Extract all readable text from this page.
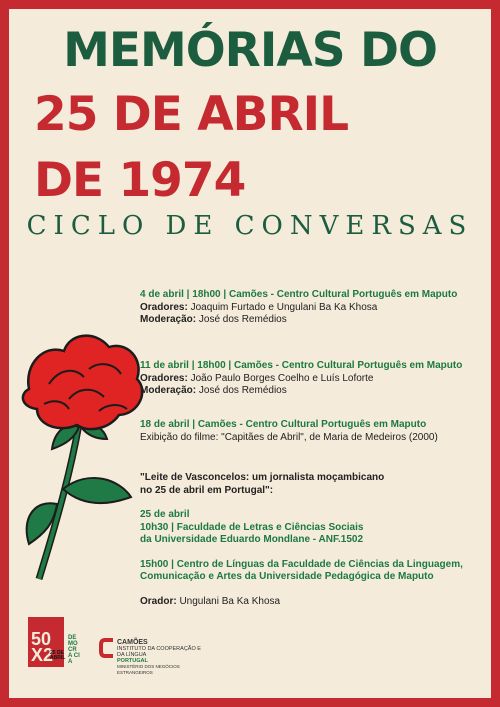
MEMÓRIAS DO
25 DE ABRIL
DE 1974
CICLO DE CONVERSAS
4 de abril | 18h00 | Camões - Centro Cultural Português em Maputo
Oradores: Joaquim Furtado e Ungulani Ba Ka Khosa
Moderação: José dos Remédios
11 de abril | 18h00 | Camões - Centro Cultural Português em Maputo
Oradores: João Paulo Borges Coelho e Luís Loforte
Moderação: José dos Remédios
18 de abril | Camões - Centro Cultural Português em Maputo
Exibição do filme: "Capitães de Abril", de Maria de Medeiros (2000)
"Leite de Vasconcelos: um jornalista moçambicano
no 25 de abril em Portugal":
25 de abril
10h30 | Faculdade de Letras e Ciências Sociais
da Universidade Eduardo Mondlane - ANF.1502
15h00 | Centro de Línguas da Faculdade de Ciências da Linguagem,
Comunicação e Artes da Universidade Pedagógica de Maputo
Orador: Ungulani Ba Ka Khosa
50
X2
DE MO CRA CIA
25 DE ABRIL
CAMÕES
INSTITUTO DA COOPERAÇÃO E DA LÍNGUA
PORTUGAL
MINISTÉRIO DOS NEGÓCIOS ESTRANGEIROS
